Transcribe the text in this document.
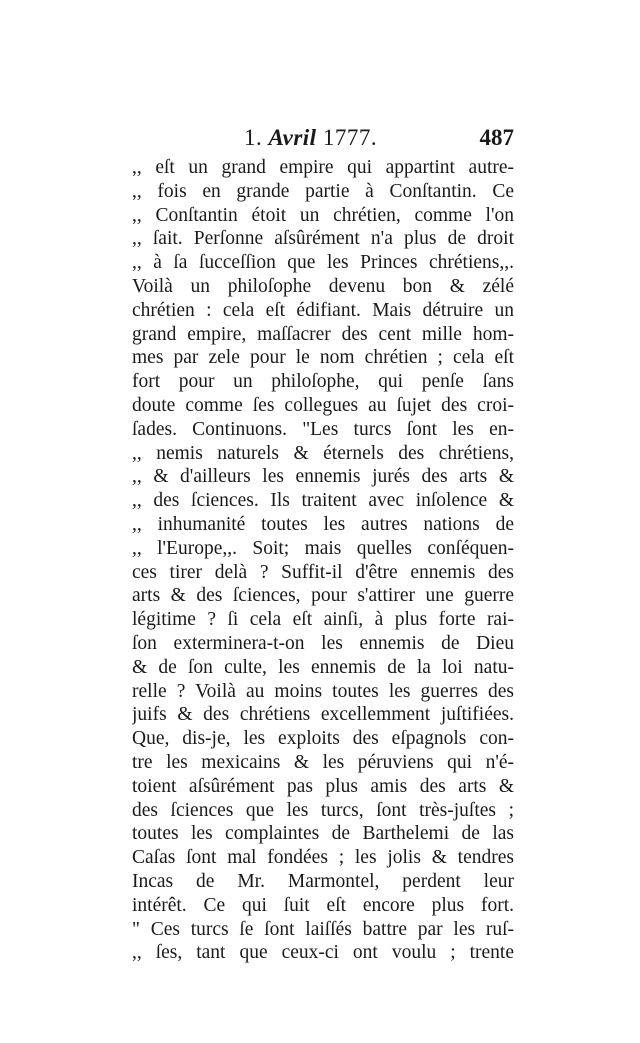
1. Avril 1777.	487
,, eſt un grand empire qui appartint autre-
,, fois en grande partie à Conſtantin. Ce
,, Conſtantin étoit un chrétien, comme l'on
,, ſait. Perſonne aſsûrément n'a plus de droit
,, à ſa ſucceſſion que les Princes chrétiens,,.
Voilà un philoſophe devenu bon & zélé
chrétien : cela eſt édifiant. Mais détruire un
grand empire, maſſacrer des cent mille hom-
mes par zele pour le nom chrétien ; cela eſt
fort pour un philoſophe, qui penſe ſans
doute comme ſes collegues au ſujet des croi-
ſades. Continuons. "Les turcs ſont les en-
,, nemis naturels & éternels des chrétiens,
,, & d'ailleurs les ennemis jurés des arts &
,, des ſciences. Ils traitent avec inſolence &
,, inhumanité toutes les autres nations de
,, l'Europe,,. Soit; mais quelles conſéquen-
ces tirer delà ? Suffit-il d'être ennemis des
arts & des ſciences, pour s'attirer une guerre
légitime ? ſi cela eſt ainſi, à plus forte rai-
ſon exterminera-t-on les ennemis de Dieu
& de ſon culte, les ennemis de la loi natu-
relle ? Voilà au moins toutes les guerres des
juifs & des chrétiens excellemment juſtifiées.
Que, dis-je, les exploits des eſpagnols con-
tre les mexicains & les péruviens qui n'é-
toient aſsûrément pas plus amis des arts &
des ſciences que les turcs, ſont très-juſtes ;
toutes les complaintes de Barthelemi de las
Caſas ſont mal fondées ; les jolis & tendres
Incas de Mr. Marmontel, perdent leur
intérêt. Ce qui ſuit eſt encore plus fort.
" Ces turcs ſe ſont laiſſés battre par les ruſ-
,, ſes, tant que ceux-ci ont voulu ; trente
